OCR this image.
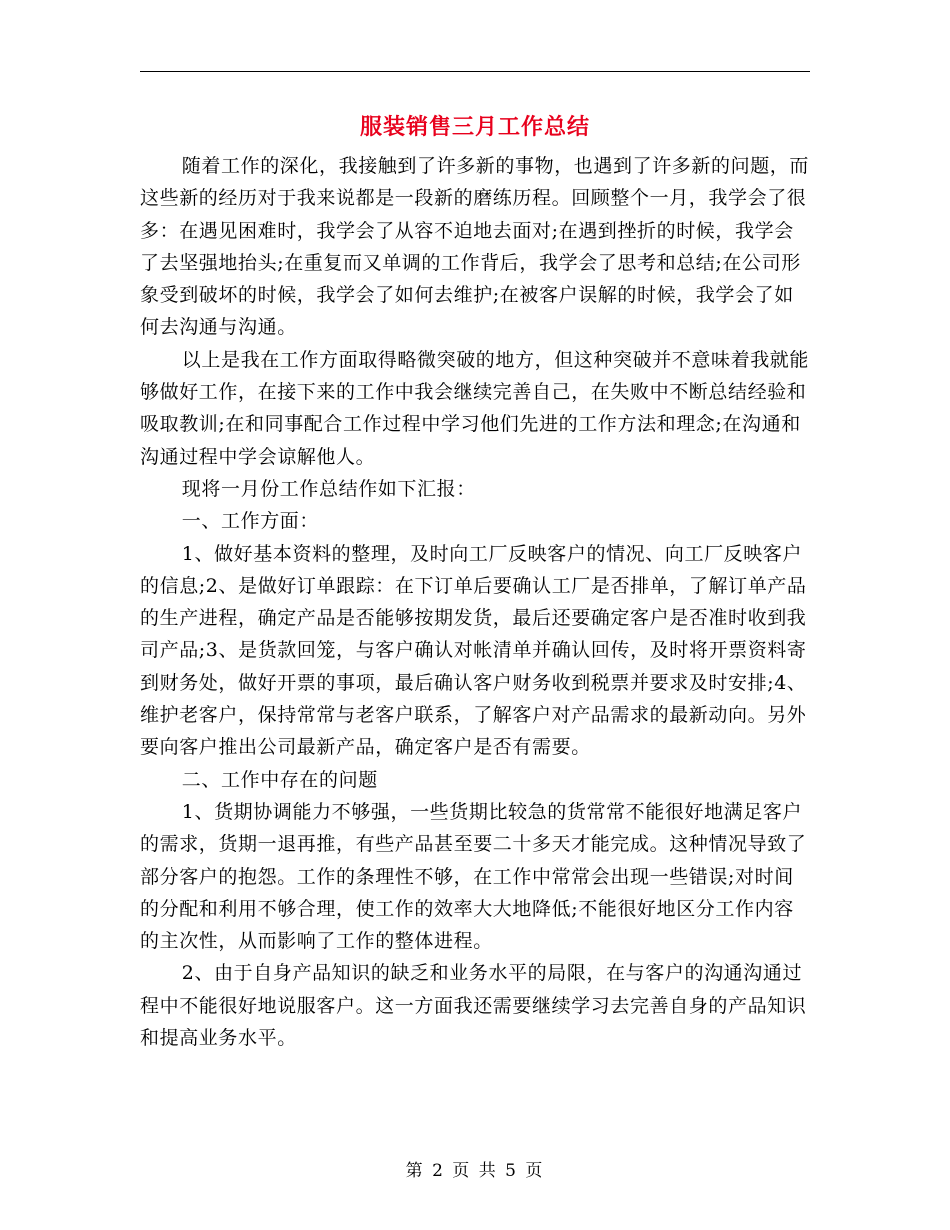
服装销售三月工作总结

随着工作的深化，我接触到了许多新的事物，也遇到了许多新的问题，而这些新的经历对于我来说都是一段新的磨练历程。回顾整个一月，我学会了很多：在遇见困难时，我学会了从容不迫地去面对;在遇到挫折的时候，我学会了去坚强地抬头;在重复而又单调的工作背后，我学会了思考和总结;在公司形象受到破坏的时候，我学会了如何去维护;在被客户误解的时候，我学会了如何去沟通与沟通。

以上是我在工作方面取得略微突破的地方，但这种突破并不意味着我就能够做好工作，在接下来的工作中我会继续完善自己，在失败中不断总结经验和吸取教训;在和同事配合工作过程中学习他们先进的工作方法和理念;在沟通和沟通过程中学会谅解他人。

现将一月份工作总结作如下汇报：

一、工作方面：

1、做好基本资料的整理，及时向工厂反映客户的情况、向工厂反映客户的信息;2、是做好订单跟踪：在下订单后要确认工厂是否排单，了解订单产品的生产进程，确定产品是否能够按期发货，最后还要确定客户是否准时收到我司产品;3、是货款回笼，与客户确认对帐清单并确认回传，及时将开票资料寄到财务处，做好开票的事项，最后确认客户财务收到税票并要求及时安排;4、维护老客户，保持常常与老客户联系，了解客户对产品需求的最新动向。另外要向客户推出公司最新产品，确定客户是否有需要。

二、工作中存在的问题

1、货期协调能力不够强，一些货期比较急的货常常不能很好地满足客户的需求，货期一退再推，有些产品甚至要二十多天才能完成。这种情况导致了部分客户的抱怨。工作的条理性不够，在工作中常常会出现一些错误;对时间的分配和利用不够合理，使工作的效率大大地降低;不能很好地区分工作内容的主次性，从而影响了工作的整体进程。

2、由于自身产品知识的缺乏和业务水平的局限，在与客户的沟通沟通过程中不能很好地说服客户。这一方面我还需要继续学习去完善自身的产品知识和提高业务水平。

第 2 页 共 5 页
